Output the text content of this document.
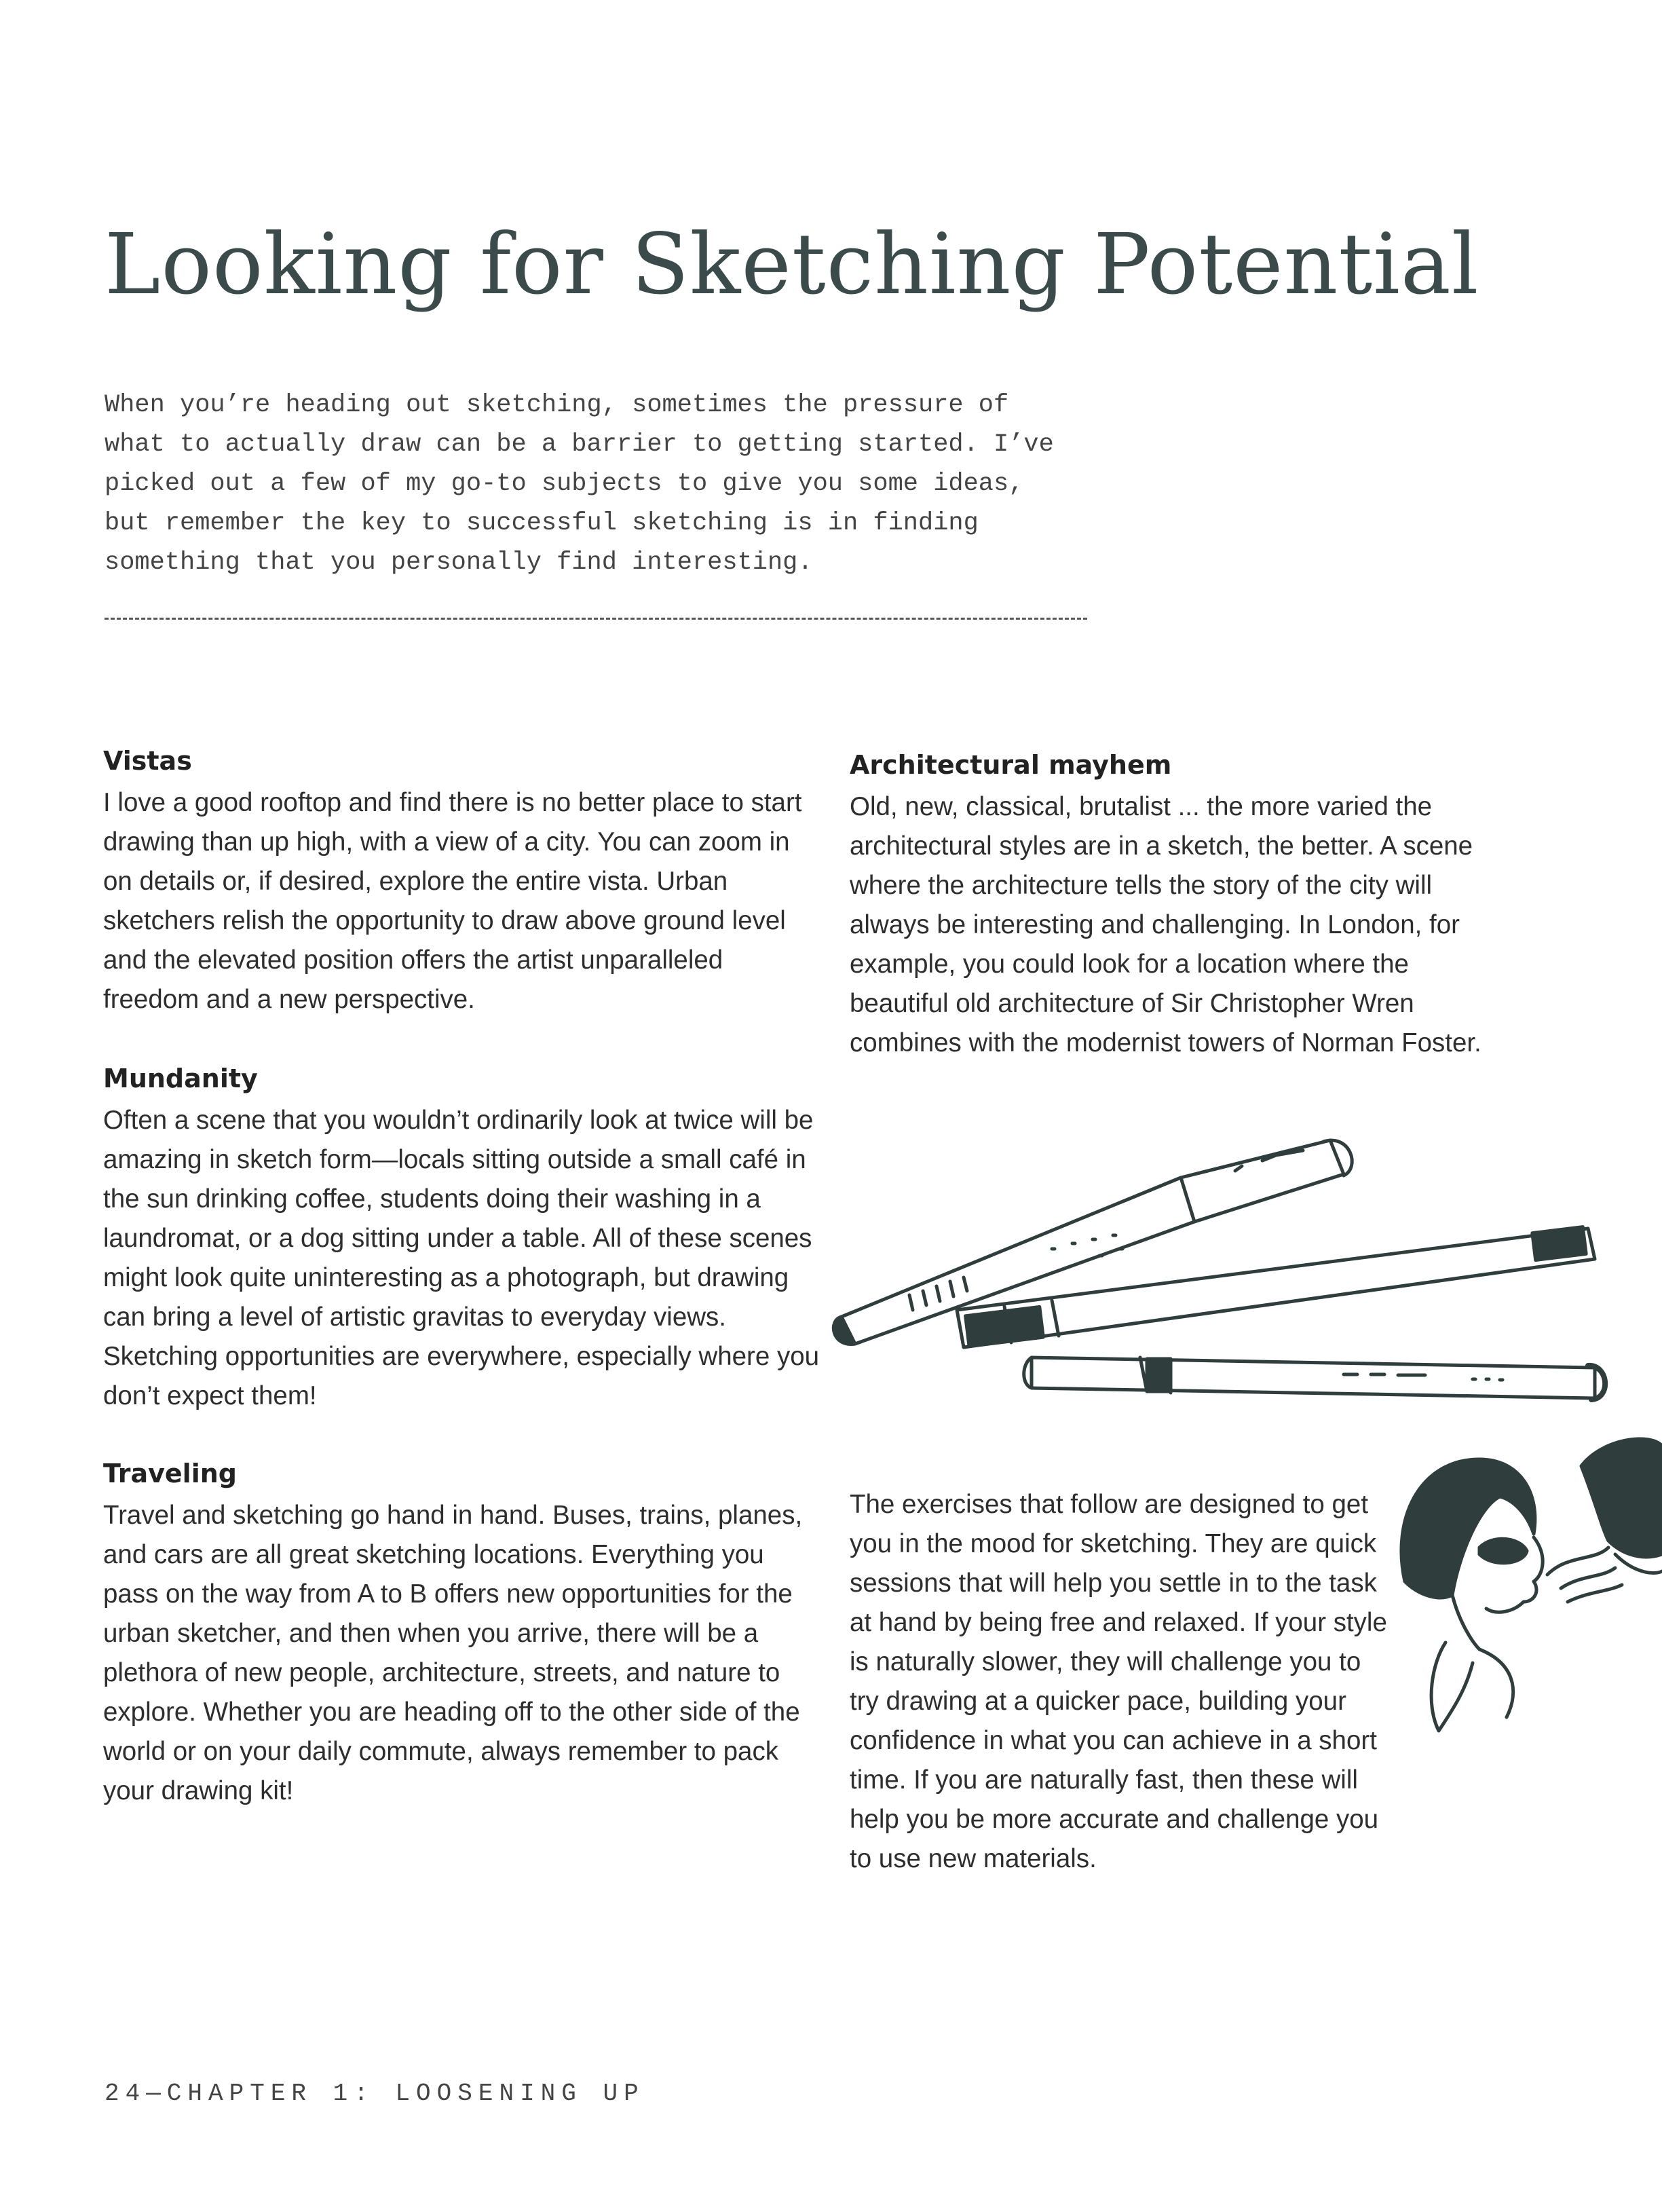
Looking for Sketching Potential

When you’re heading out sketching, sometimes the pressure of
what to actually draw can be a barrier to getting started. I’ve
picked out a few of my go-to subjects to give you some ideas,
but remember the key to successful sketching is in finding
something that you personally find interesting.

Vistas

I love a good rooftop and find there is no better place to start drawing than up high, with a view of a city. You can zoom in on details or, if desired, explore the entire vista. Urban sketchers relish the opportunity to draw above ground level and the elevated position offers the artist unparalleled freedom and a new perspective.

Mundanity

Often a scene that you wouldn’t ordinarily look at twice will be amazing in sketch form—locals sitting outside a small café in the sun drinking coffee, students doing their washing in a laundromat, or a dog sitting under a table. All of these scenes might look quite uninteresting as a photograph, but drawing can bring a level of artistic gravitas to everyday views. Sketching opportunities are everywhere, especially where you don’t expect them!

Traveling

Travel and sketching go hand in hand. Buses, trains, planes, and cars are all great sketching locations. Everything you pass on the way from A to B offers new opportunities for the urban sketcher, and then when you arrive, there will be a plethora of new people, architecture, streets, and nature to explore. Whether you are heading off to the other side of the world or on your daily commute, always remember to pack your drawing kit!

Architectural mayhem

Old, new, classical, brutalist ... the more varied the architectural styles are in a sketch, the better. A scene where the architecture tells the story of the city will always be interesting and challenging. In London, for example, you could look for a location where the beautiful old architecture of Sir Christopher Wren combines with the modernist towers of Norman Foster.

The exercises that follow are designed to get you in the mood for sketching. They are quick sessions that will help you settle in to the task at hand by being free and relaxed. If your style is naturally slower, they will challenge you to try drawing at a quicker pace, building your confidence in what you can achieve in a short time. If you are naturally fast, then these will help you be more accurate and challenge you to use new materials.

24—CHAPTER 1: LOOSENING UP
